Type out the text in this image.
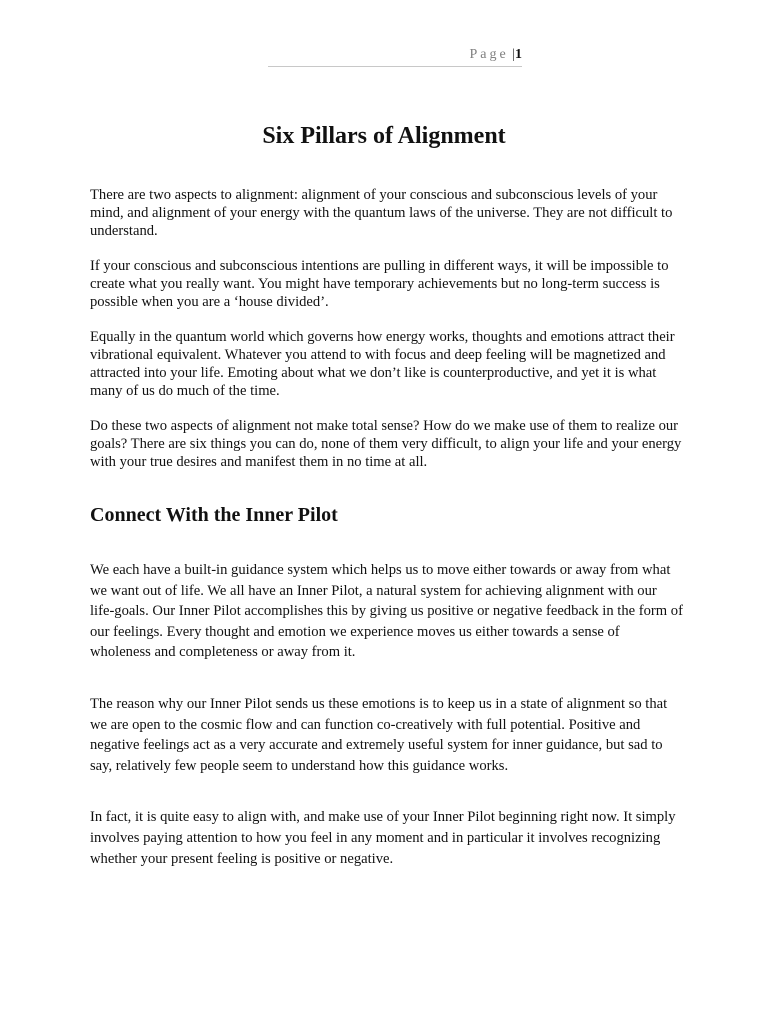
Page |1
Six Pillars of Alignment

There are two aspects to alignment: alignment of your conscious and subconscious levels of your mind, and alignment of your energy with the quantum laws of the universe. They are not difficult to understand.

If your conscious and subconscious intentions are pulling in different ways, it will be impossible to create what you really want. You might have temporary achievements but no long-term success is possible when you are a ‘house divided’.

Equally in the quantum world which governs how energy works, thoughts and emotions attract their vibrational equivalent. Whatever you attend to with focus and deep feeling will be magnetized and attracted into your life. Emoting about what we don’t like is counterproductive, and yet it is what many of us do much of the time.

Do these two aspects of alignment not make total sense? How do we make use of them to realize our goals? There are six things you can do, none of them very difficult, to align your life and your energy with your true desires and manifest them in no time at all.

Connect With the Inner Pilot

We each have a built-in guidance system which helps us to move either towards or away from what we want out of life. We all have an Inner Pilot, a natural system for achieving alignment with our life-goals. Our Inner Pilot accomplishes this by giving us positive or negative feedback in the form of our feelings. Every thought and emotion we experience moves us either towards a sense of wholeness and completeness or away from it.

The reason why our Inner Pilot sends us these emotions is to keep us in a state of alignment so that we are open to the cosmic flow and can function co-creatively with full potential. Positive and negative feelings act as a very accurate and extremely useful system for inner guidance, but sad to say, relatively few people seem to understand how this guidance works.

In fact, it is quite easy to align with, and make use of your Inner Pilot beginning right now. It simply involves paying attention to how you feel in any moment and in particular it involves recognizing whether your present feeling is positive or negative.
